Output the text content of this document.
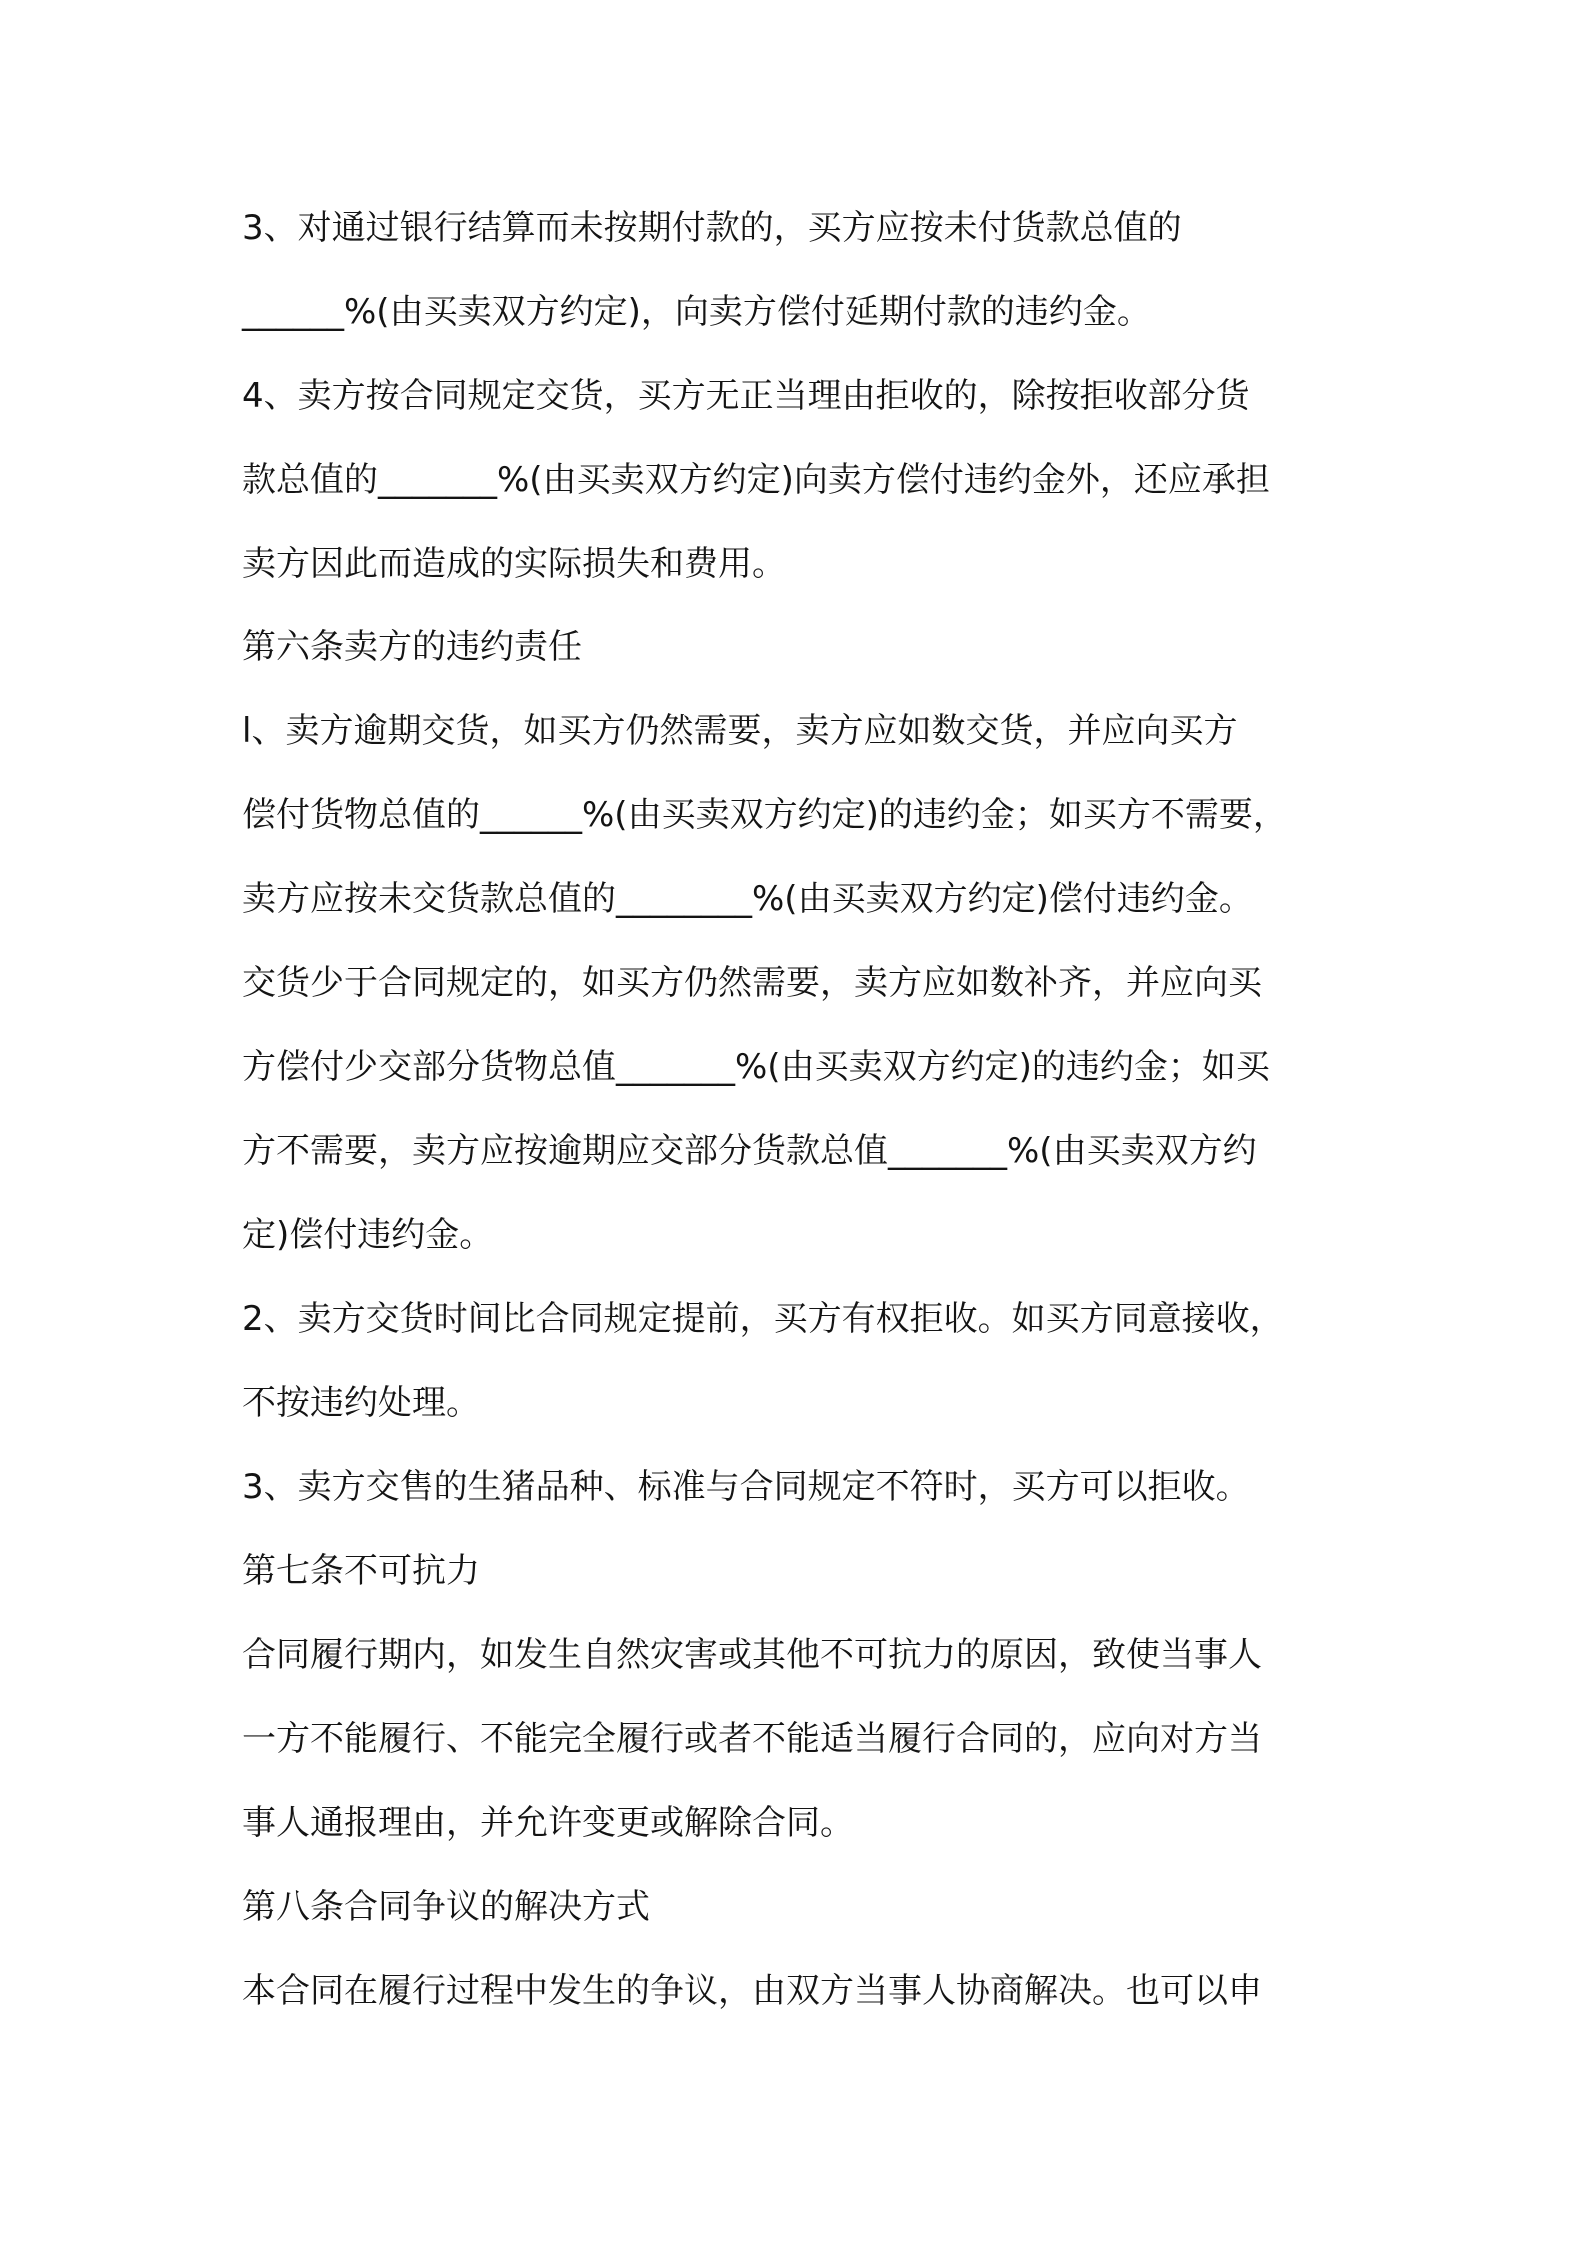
3、对通过银行结算而未按期付款的，买方应按未付货款总值的

______%(由买卖双方约定)，向卖方偿付延期付款的违约金。

4、卖方按合同规定交货，买方无正当理由拒收的，除按拒收部分货

款总值的_______%(由买卖双方约定)向卖方偿付违约金外，还应承担

卖方因此而造成的实际损失和费用。

第六条卖方的违约责任

l、卖方逾期交货，如买方仍然需要，卖方应如数交货，并应向买方

偿付货物总值的______%(由买卖双方约定)的违约金；如买方不需要，

卖方应按未交货款总值的________%(由买卖双方约定)偿付违约金。

交货少于合同规定的，如买方仍然需要，卖方应如数补齐，并应向买

方偿付少交部分货物总值_______%(由买卖双方约定)的违约金；如买

方不需要，卖方应按逾期应交部分货款总值_______%(由买卖双方约

定)偿付违约金。

2、卖方交货时间比合同规定提前，买方有权拒收。如买方同意接收，

不按违约处理。

3、卖方交售的生猪品种、标准与合同规定不符时，买方可以拒收。

第七条不可抗力

合同履行期内，如发生自然灾害或其他不可抗力的原因，致使当事人

一方不能履行、不能完全履行或者不能适当履行合同的，应向对方当

事人通报理由，并允许变更或解除合同。

第八条合同争议的解决方式

本合同在履行过程中发生的争议，由双方当事人协商解决。也可以申
